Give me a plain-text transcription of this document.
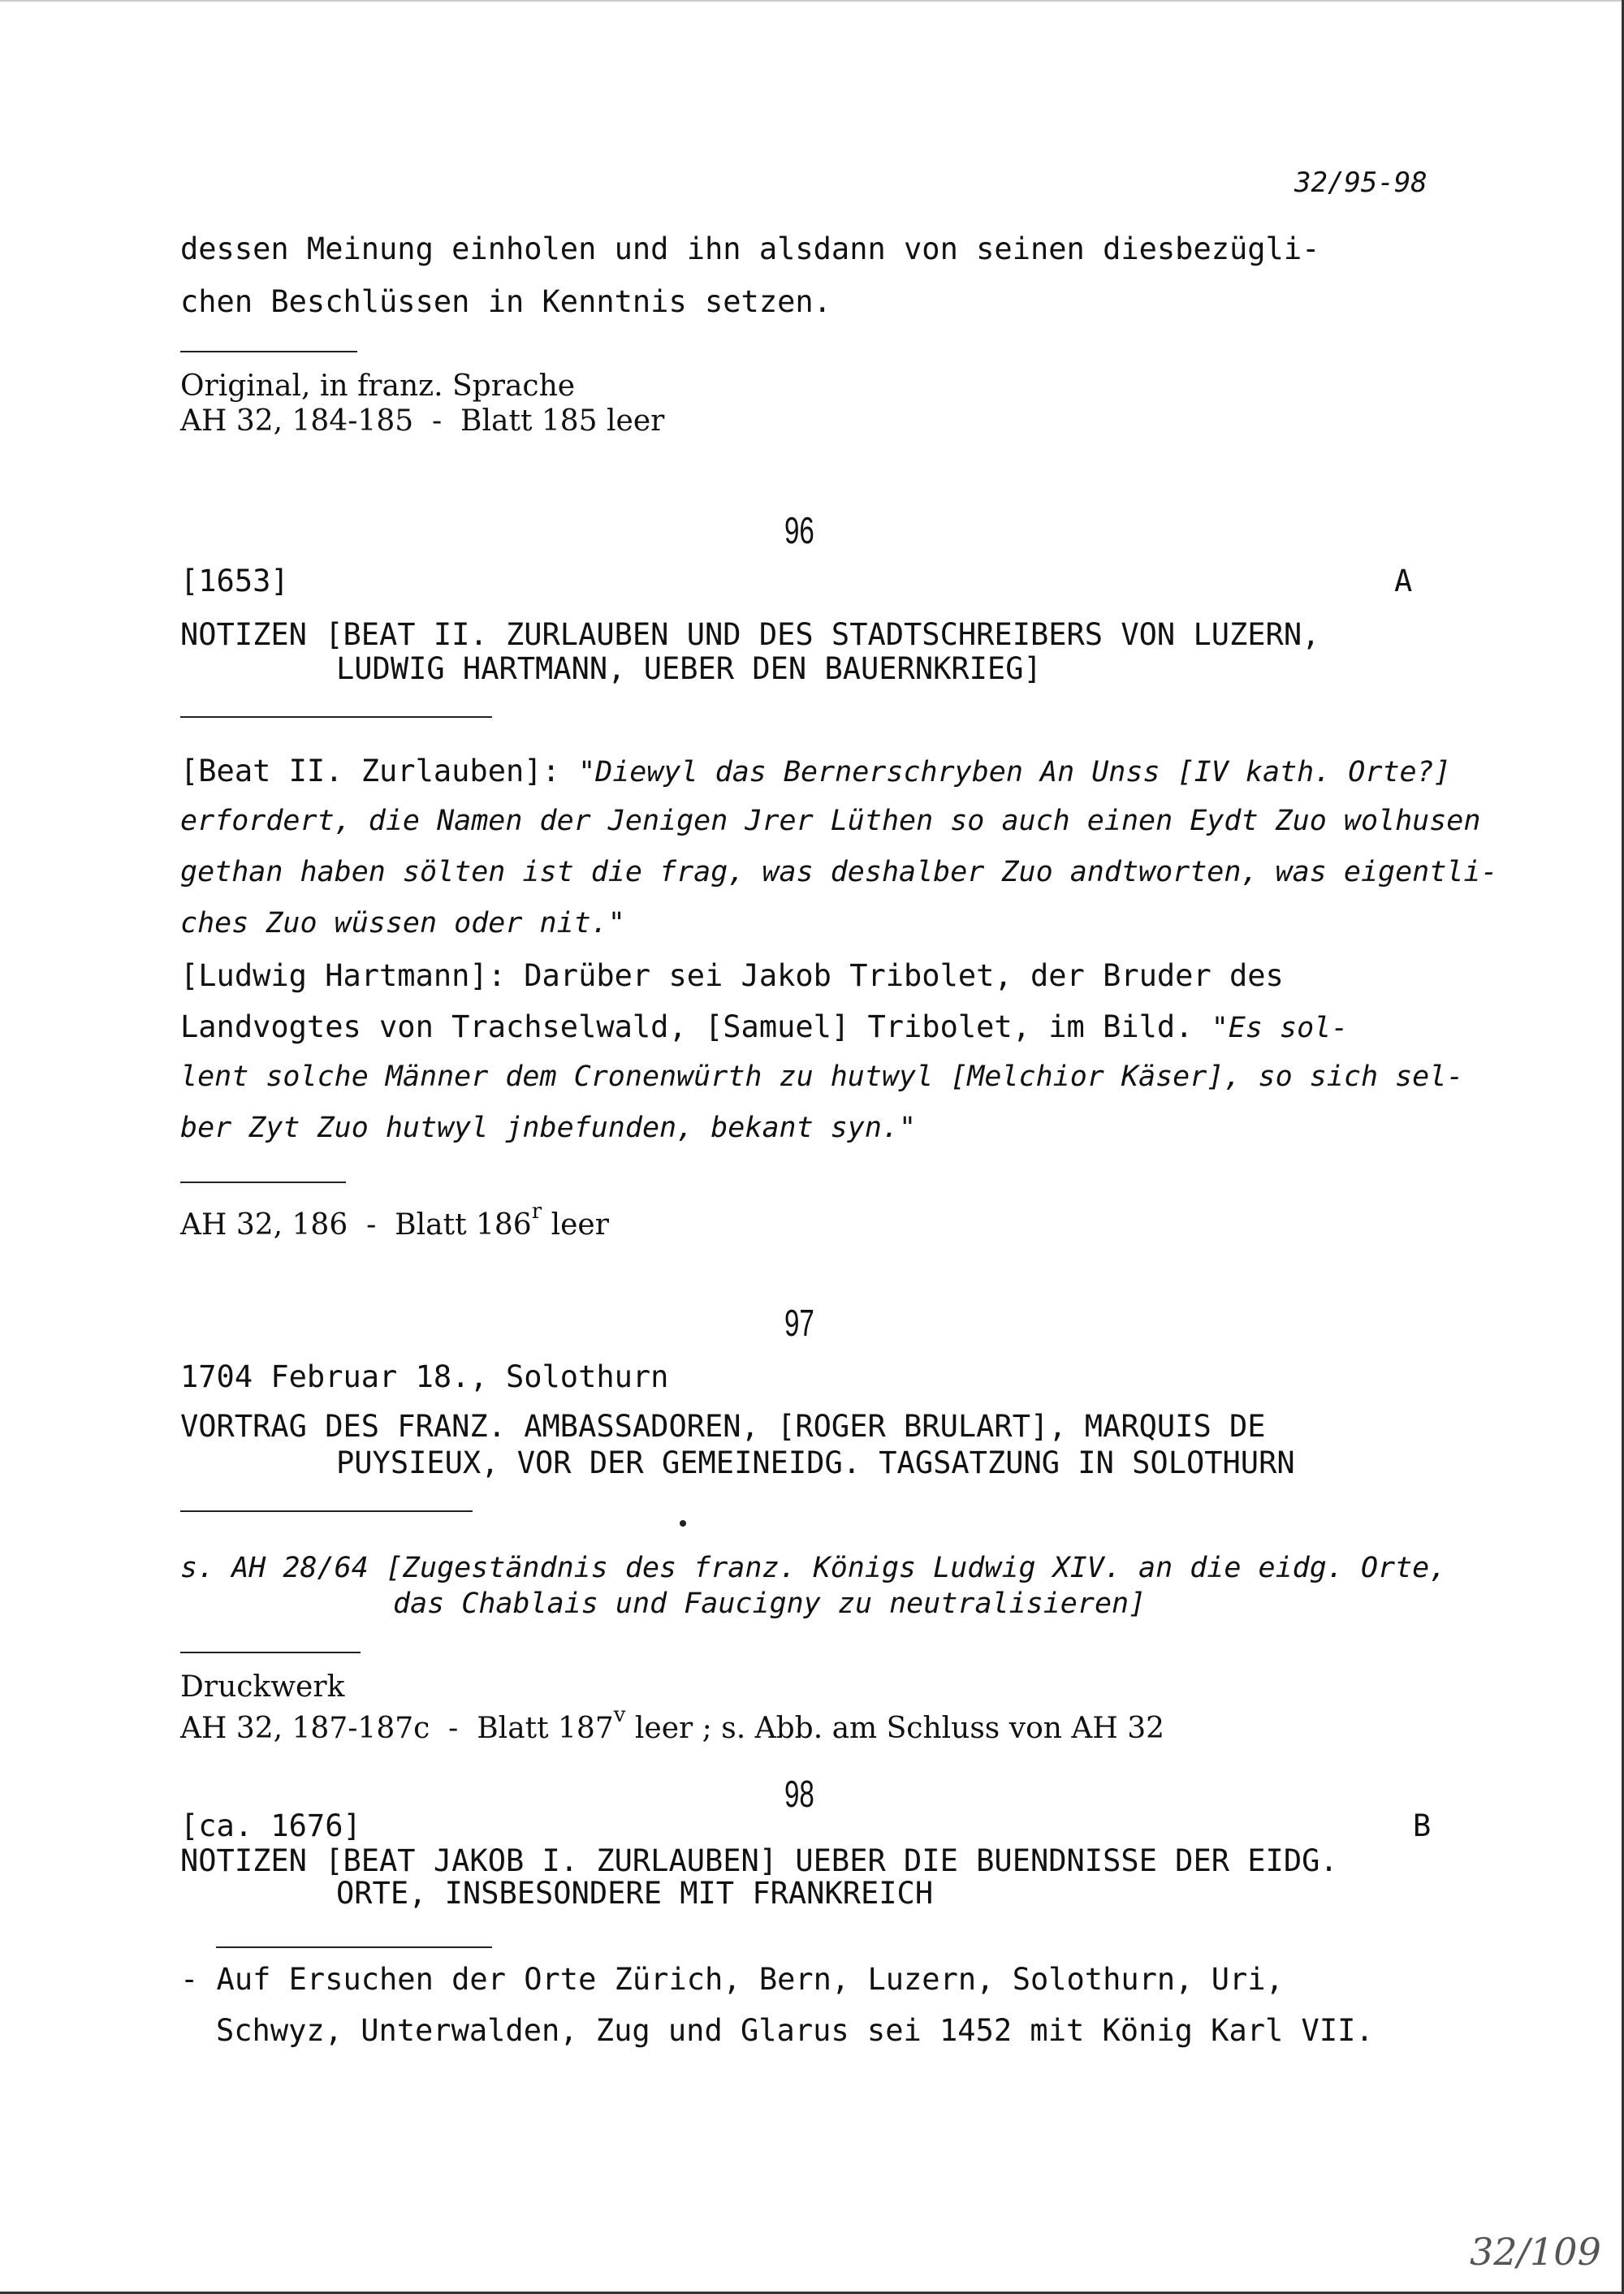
32/95-98
dessen Meinung einholen und ihn alsdann von seinen diesbezügli-
chen Beschlüssen in Kenntnis setzen.
Original, in franz. Sprache
AH 32, 184-185  -  Blatt 185 leer
96
[1653]	A
NOTIZEN [BEAT II. ZURLAUBEN UND DES STADTSCHREIBERS VON LUZERN,
LUDWIG HARTMANN, UEBER DEN BAUERNKRIEG]
[Beat II. Zurlauben]: "Diewyl das Bernerschryben An Unss [IV kath. Orte?]
erfordert, die Namen der Jenigen Jrer Lüthen so auch einen Eydt Zuo wolhusen
gethan haben sölten ist die frag, was deshalber Zuo andtworten, was eigentli-
ches Zuo wüssen oder nit."
[Ludwig Hartmann]: Darüber sei Jakob Tribolet, der Bruder des
Landvogtes von Trachselwald, [Samuel] Tribolet, im Bild. "Es sol-
lent solche Männer dem Cronenwürth zu hutwyl [Melchior Käser], so sich sel-
ber Zyt Zuo hutwyl jnbefunden, bekant syn."
AH 32, 186  -  Blatt 186$^r$ leer
97
1704 Februar 18., Solothurn
VORTRAG DES FRANZ. AMBASSADOREN, [ROGER BRULART], MARQUIS DE
PUYSIEUX, VOR DER GEMEINEIDG. TAGSATZUNG IN SOLOTHURN
s. AH 28/64 [Zugeständnis des franz. Königs Ludwig XIV. an die eidg. Orte,
das Chablais und Faucigny zu neutralisieren]
Druckwerk
AH 32, 187-187c  -  Blatt 187$^v$ leer ; s. Abb. am Schluss von AH 32
98
[ca. 1676]	B
NOTIZEN [BEAT JAKOB I. ZURLAUBEN] UEBER DIE BUENDNISSE DER EIDG.
ORTE, INSBESONDERE MIT FRANKREICH
- Auf Ersuchen der Orte Zürich, Bern, Luzern, Solothurn, Uri,
Schwyz, Unterwalden, Zug und Glarus sei 1452 mit König Karl VII.
32/109
